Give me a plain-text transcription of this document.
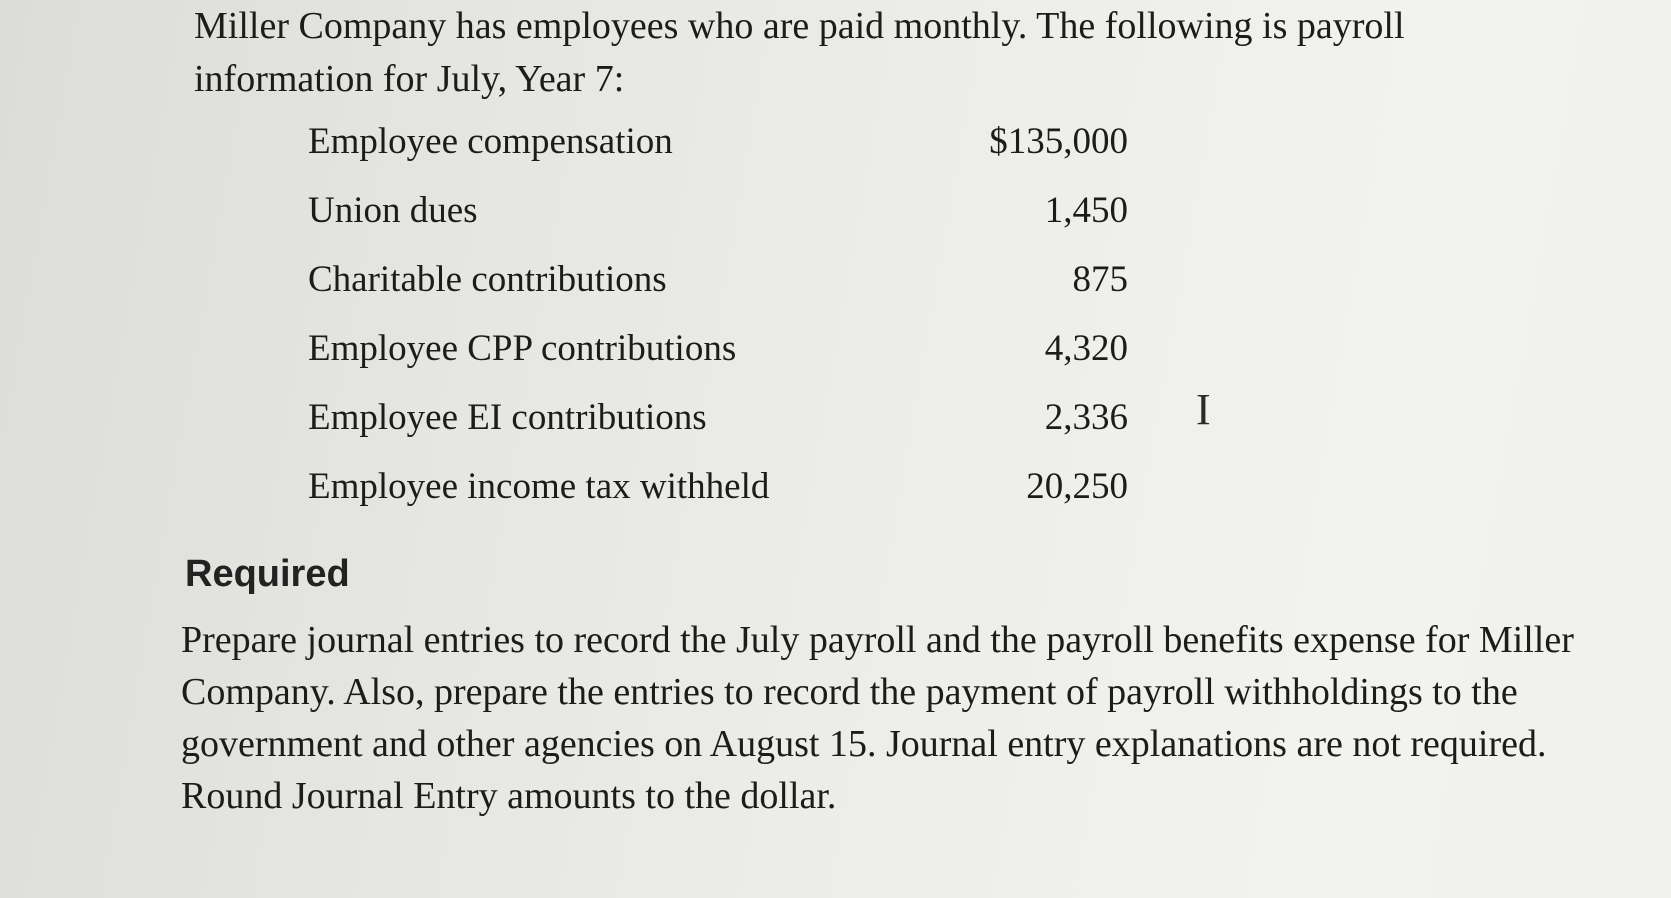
Miller Company has employees who are paid monthly. The following is payroll information for July, Year 7:

Employee compensation	$135,000
Union dues	1,450
Charitable contributions	875
Employee CPP contributions	4,320
Employee EI contributions	2,336
Employee income tax withheld	20,250
I
Required

Prepare journal entries to record the July payroll and the payroll benefits expense for Miller Company. Also, prepare the entries to record the payment of payroll withholdings to the government and other agencies on August 15. Journal entry explanations are not required. Round Journal Entry amounts to the dollar.
